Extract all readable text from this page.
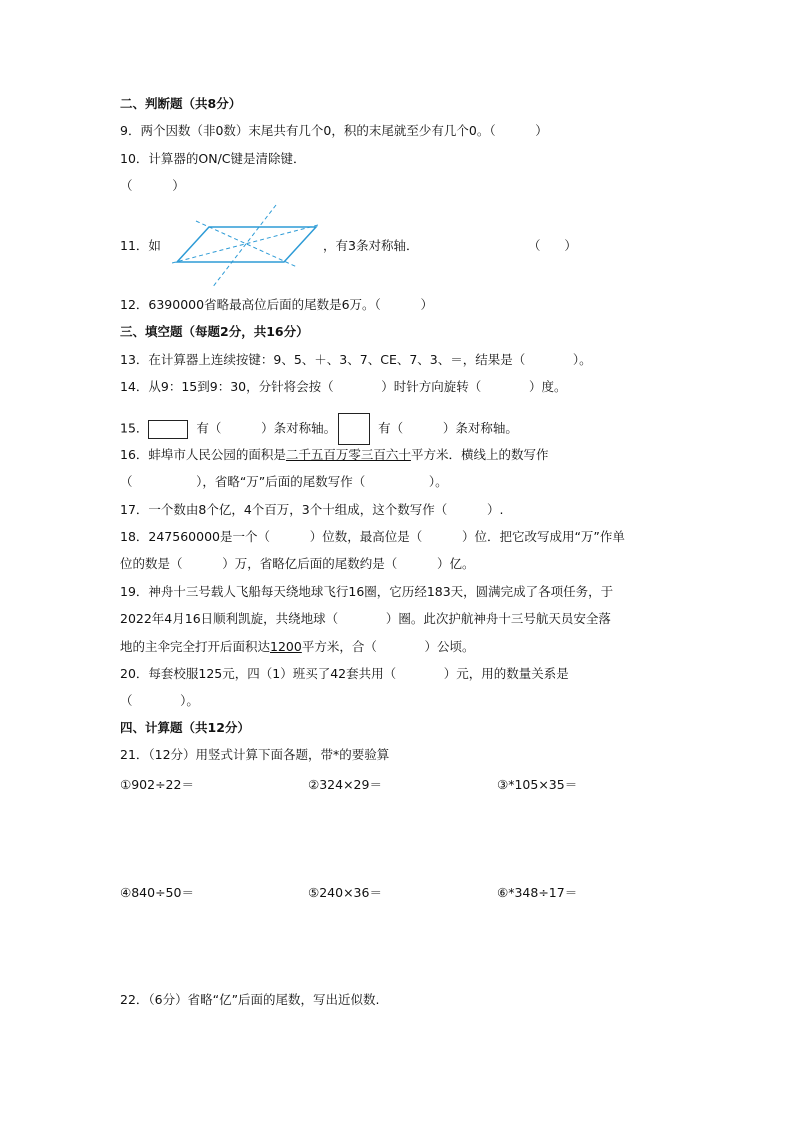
二、判断题（共8分）
9．两个因数（非0数）末尾共有几个0，积的末尾就至少有几个0。（          ）
10．计算器的ON/C键是清除键．
（          ）
11．如	，有3条对称轴．	（      ）
12．6390000省略最高位后面的尾数是6万。（          ）
三、填空题（每题2分，共16分）
13．在计算器上连续按键：9、5、＋、3、7、CE、7、3、＝，结果是（            ）。
14．从9：15到9：30，分针将会按（            ）时针方向旋转（            ）度。
15．	有（          ）条对称轴。	有（          ）条对称轴。
16．蚌埠市人民公园的面积是二千五百万零三百六十平方米．横线上的数写作
（                ），省略“万”后面的尾数写作（                ）。
17．一个数由8个亿，4个百万，3个十组成，这个数写作（          ）.
18．247560000是一个（          ）位数，最高位是（          ）位．把它改写成用“万”作单
位的数是（          ）万，省略亿后面的尾数约是（          ）亿。
19．神舟十三号载人飞船每天绕地球飞行16圈，它历经183天，圆满完成了各项任务，于
2022年4月16日顺利凯旋，共绕地球（            ）圈。此次护航神舟十三号航天员安全落
地的主伞完全打开后面积达1200平方米，合（            ）公顷。
20．每套校服125元，四（1）班买了42套共用（            ）元，用的数量关系是
（            ）。
四、计算题（共12分）
21．（12分）用竖式计算下面各题，带*的要验算
①902÷22＝	②324×29＝	③*105×35＝
④840÷50＝	⑤240×36＝	⑥*348÷17＝
22．（6分）省略“亿”后面的尾数，写出近似数.
